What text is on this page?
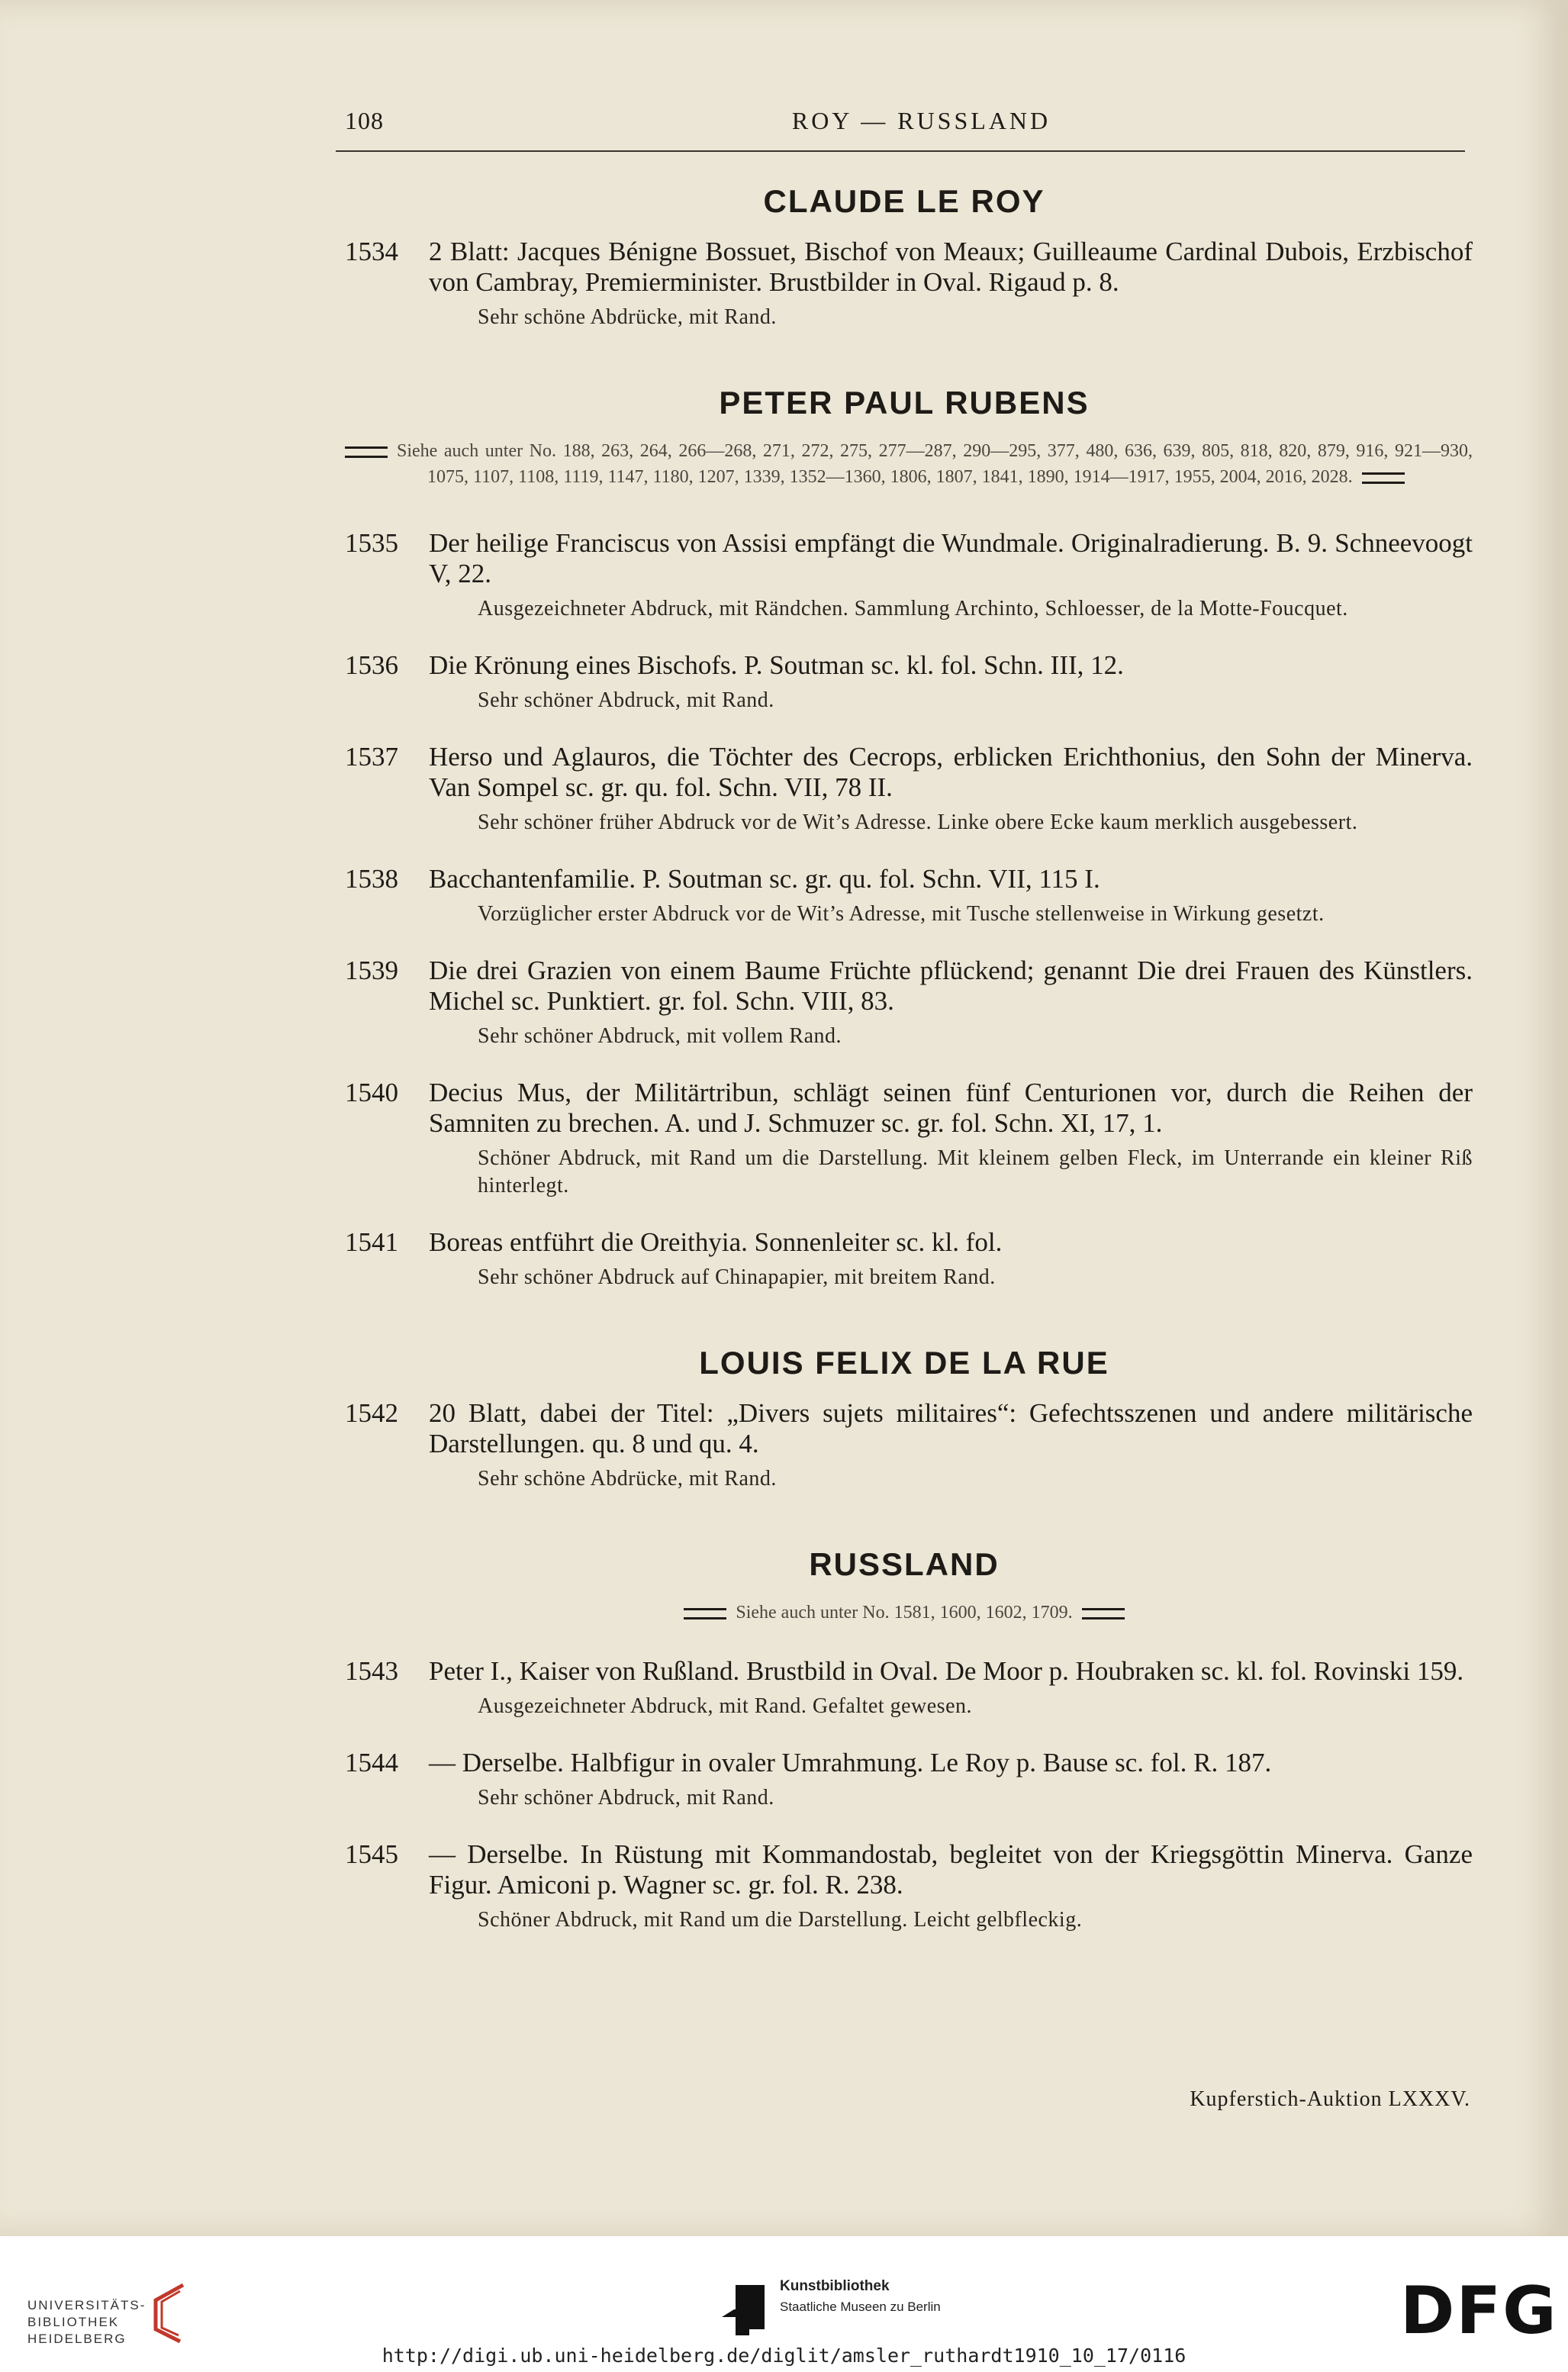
108	ROY — RUSSLAND
CLAUDE LE ROY
1534 2 Blatt: Jacques Bénigne Bossuet, Bischof von Meaux; Guilleaume Cardinal Dubois, Erzbischof von Cambray, Premierminister. Brustbilder in Oval. Rigaud p. 8.
Sehr schöne Abdrücke, mit Rand.
PETER PAUL RUBENS
Siehe auch unter No. 188, 263, 264, 266—268, 271, 272, 275, 277—287, 290—295, 377, 480, 636, 639, 805, 818, 820, 879, 916, 921—930, 1075, 1107, 1108, 1119, 1147, 1180, 1207, 1339, 1352—1360, 1806, 1807, 1841, 1890, 1914—1917, 1955, 2004, 2016, 2028.
1535 Der heilige Franciscus von Assisi empfängt die Wundmale. Originalradierung. B. 9. Schneevoogt V, 22.
Ausgezeichneter Abdruck, mit Rändchen. Sammlung Archinto, Schloesser, de la Motte-Foucquet.
1536 Die Krönung eines Bischofs. P. Soutman sc. kl. fol. Schn. III, 12.
Sehr schöner Abdruck, mit Rand.
1537 Herso und Aglauros, die Töchter des Cecrops, erblicken Erichthonius, den Sohn der Minerva. Van Sompel sc. gr. qu. fol. Schn. VII, 78 II.
Sehr schöner früher Abdruck vor de Wit’s Adresse. Linke obere Ecke kaum merklich ausgebessert.
1538 Bacchantenfamilie. P. Soutman sc. gr. qu. fol. Schn. VII, 115 I.
Vorzüglicher erster Abdruck vor de Wit’s Adresse, mit Tusche stellenweise in Wirkung gesetzt.
1539 Die drei Grazien von einem Baume Früchte pflückend; genannt Die drei Frauen des Künstlers. Michel sc. Punktiert. gr. fol. Schn. VIII, 83.
Sehr schöner Abdruck, mit vollem Rand.
1540 Decius Mus, der Militärtribun, schlägt seinen fünf Centurionen vor, durch die Reihen der Samniten zu brechen. A. und J. Schmuzer sc. gr. fol. Schn. XI, 17, 1.
Schöner Abdruck, mit Rand um die Darstellung. Mit kleinem gelben Fleck, im Unterrande ein kleiner Riß hinterlegt.
1541 Boreas entführt die Oreithyia. Sonnenleiter sc. kl. fol.
Sehr schöner Abdruck auf Chinapapier, mit breitem Rand.
LOUIS FELIX DE LA RUE
1542 20 Blatt, dabei der Titel: „Divers sujets militaires“: Gefechtsszenen und andere militärische Darstellungen. qu. 8 und qu. 4.
Sehr schöne Abdrücke, mit Rand.
RUSSLAND
Siehe auch unter No. 1581, 1600, 1602, 1709.
1543 Peter I., Kaiser von Rußland. Brustbild in Oval. De Moor p. Houbraken sc. kl. fol. Rovinski 159.
Ausgezeichneter Abdruck, mit Rand. Gefaltet gewesen.
1544 — Derselbe. Halbfigur in ovaler Umrahmung. Le Roy p. Bause sc. fol. R. 187.
Sehr schöner Abdruck, mit Rand.
1545 — Derselbe. In Rüstung mit Kommandostab, begleitet von der Kriegsgöttin Minerva. Ganze Figur. Amiconi p. Wagner sc. gr. fol. R. 238.
Schöner Abdruck, mit Rand um die Darstellung. Leicht gelbfleckig.
Kupferstich-Auktion LXXXV.
UNIVERSITÄTS-
BIBLIOTHEK
HEIDELBERG
Kunstbibliothek
Staatliche Museen zu Berlin	DFG
http://digi.ub.uni-heidelberg.de/diglit/amsler_ruthardt1910_10_17/0116
